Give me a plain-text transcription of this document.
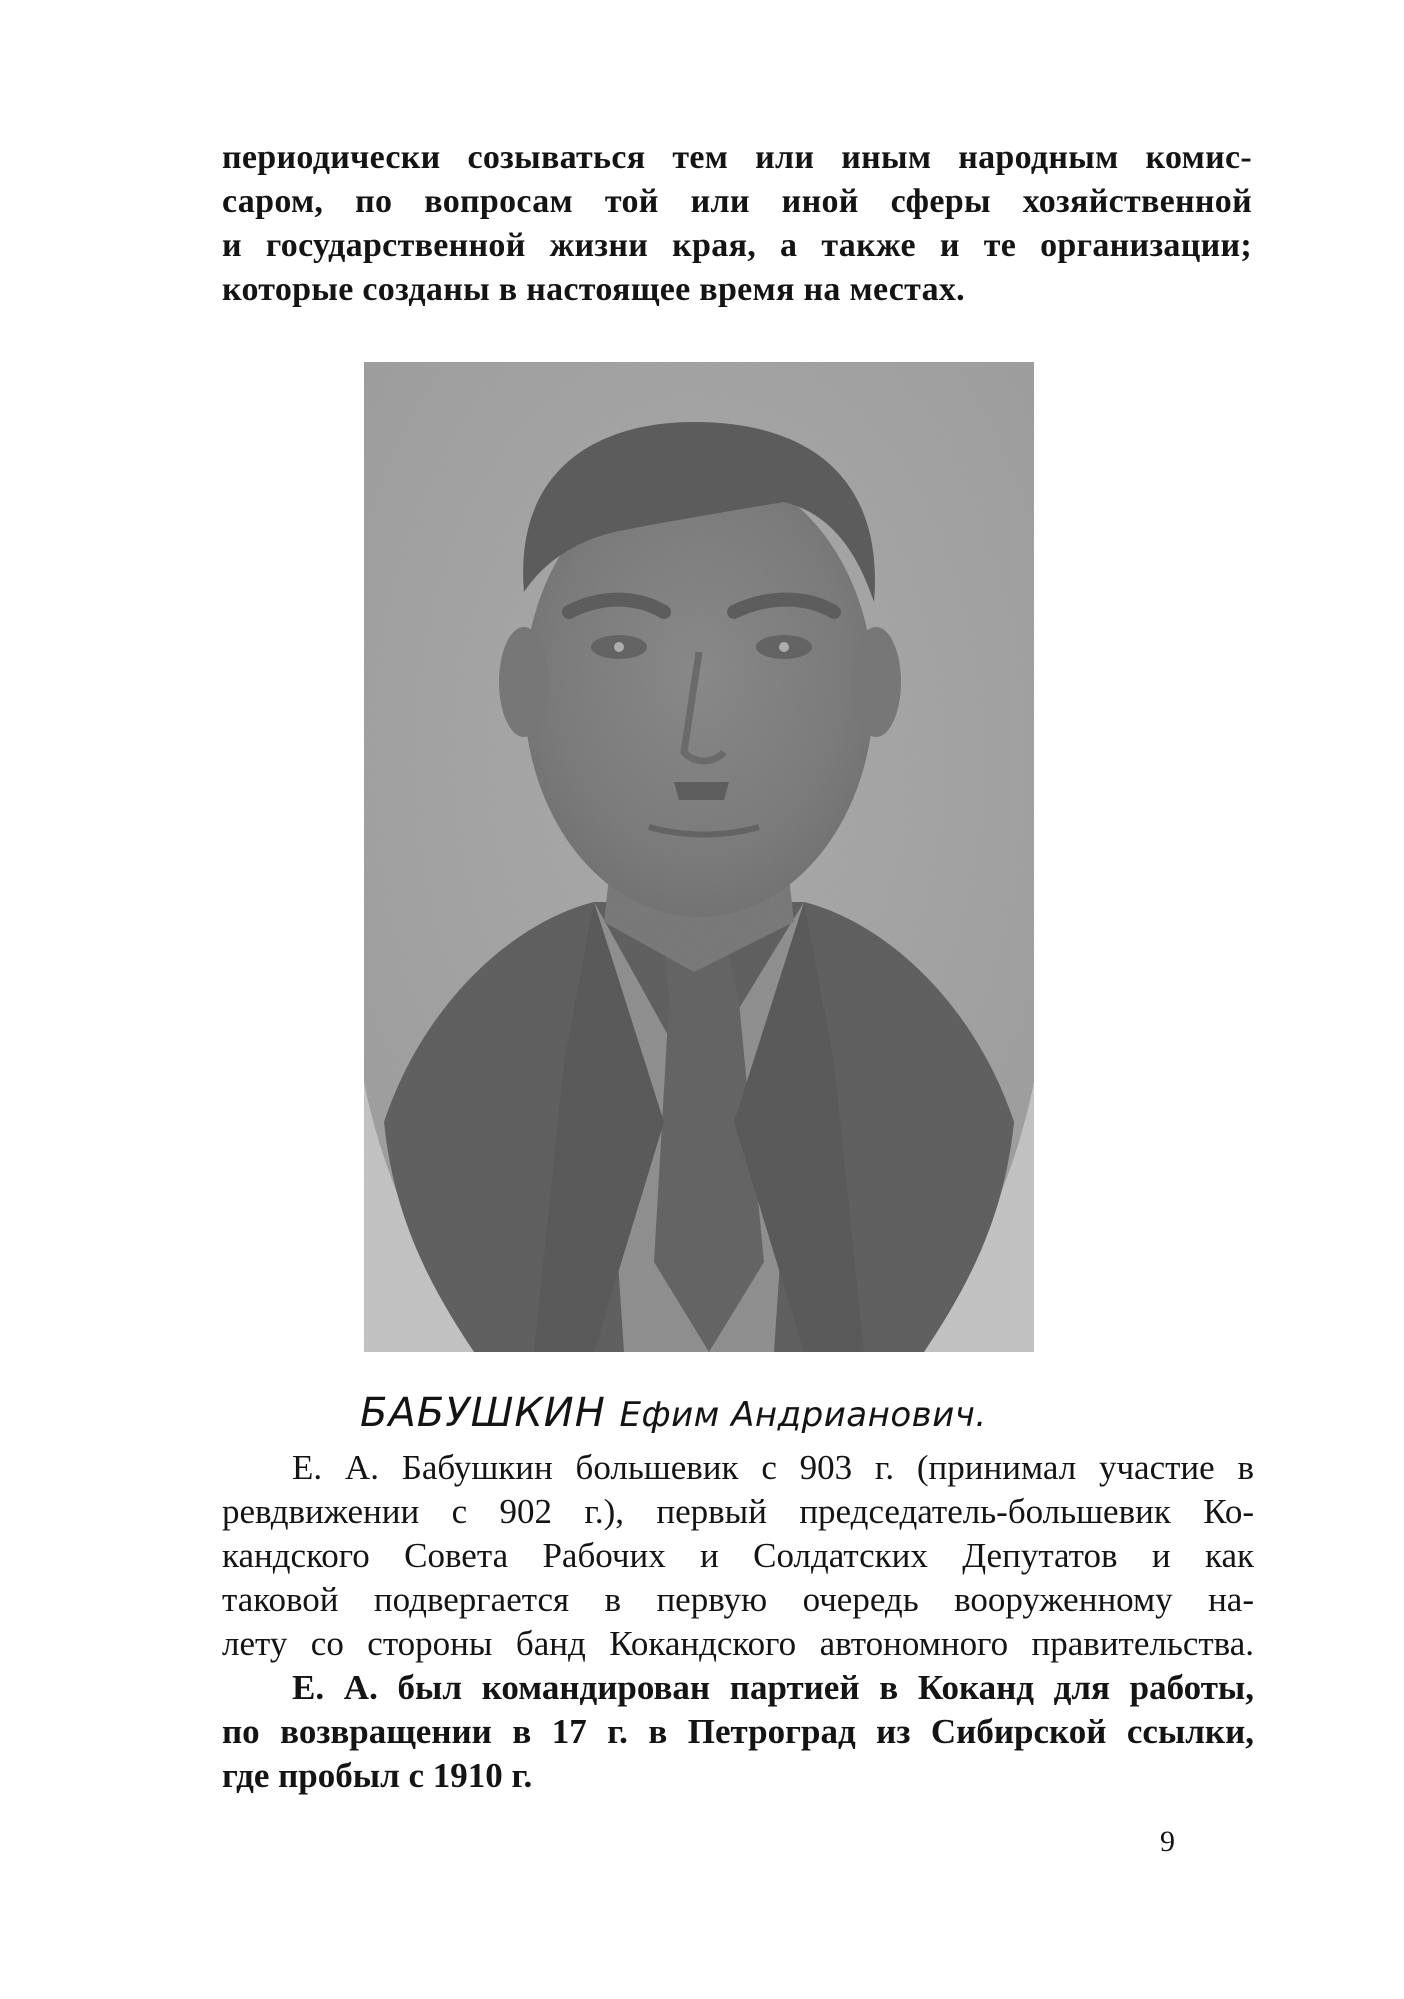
периодически созываться тем или иным народным комис-
саром, по вопросам той или иной сферы хозяйственной
и государственной жизни края, а также и те организации;
которые созданы в настоящее время на местах.
БАБУШКИН Ефим Андрианович.
Е. А. Бабушкин большевик с 903 г. (принимал участие в
ревдвижении с 902 г.), первый председатель-большевик Ко-
кандского Совета Рабочих и Солдатских Депутатов и как
таковой подвергается в первую очередь вооруженному на-
лету со стороны банд Кокандского автономного правительства.
Е. А. был командирован партией в Коканд для работы,
по возвращении в 17 г. в Петроград из Сибирской ссылки,
где пробыл с 1910 г.
9
